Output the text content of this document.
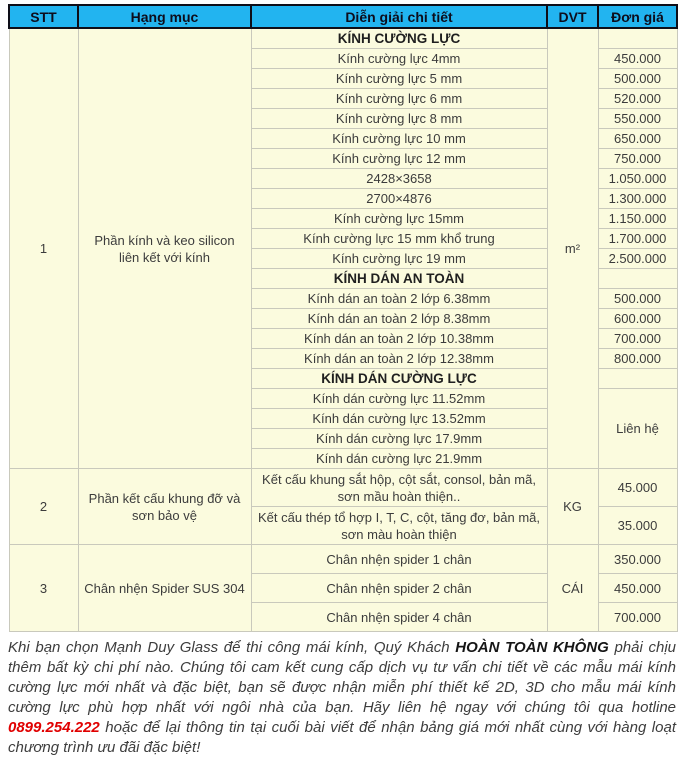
STT	Hạng mục	Diễn giải chi tiết	DVT	Đơn giá
1	Phần kính và keo silicon liên kết với kính	KÍNH CƯỜNG LỰC	m²	
		Kính cường lực 4mm		450.000
		Kính cường lực 5 mm		500.000
		Kính cường lực 6 mm		520.000
		Kính cường lực 8 mm		550.000
		Kính cường lực 10 mm		650.000
		Kính cường lực 12 mm		750.000
		2428×3658		1.050.000
		2700×4876		1.300.000
		Kính cường lực 15mm		1.150.000
		Kính cường lực 15 mm khổ trung		1.700.000
		Kính cường lực 19 mm		2.500.000
		KÍNH DÁN AN TOÀN		
		Kính dán an toàn 2 lớp 6.38mm		500.000
		Kính dán an toàn 2 lớp 8.38mm		600.000
		Kính dán an toàn 2 lớp 10.38mm		700.000
		Kính dán an toàn 2 lớp 12.38mm		800.000
		KÍNH DÁN CƯỜNG LỰC		
		Kính dán cường lực 11.52mm		Liên hệ
		Kính dán cường lực 13.52mm		
		Kính dán cường lực 17.9mm		
		Kính dán cường lực 21.9mm		
2	Phần kết cấu khung đỡ và sơn bảo vệ	Kết cấu khung sắt hộp, cột sắt, consol, bản mã, sơn mầu hoàn thiện..	KG	45.000
		Kết cấu thép tổ hợp I, T, C, cột, tăng đơ, bản mã, sơn màu hoàn thiện		35.000
3	Chân nhện Spider SUS 304	Chân nhện spider 1 chân	CÁI	350.000
		Chân nhện spider 2 chân		450.000
		Chân nhện spider 4 chân		700.000

Khi bạn chọn Mạnh Duy Glass để thi công mái kính, Quý Khách HOÀN TOÀN KHÔNG phải chịu thêm bất kỳ chi phí nào. Chúng tôi cam kết cung cấp dịch vụ tư vấn chi tiết về các mẫu mái kính cường lực mới nhất và đặc biệt, bạn sẽ được nhận miễn phí thiết kế 2D, 3D cho mẫu mái kính cường lực phù hợp nhất với ngôi nhà của bạn. Hãy liên hệ ngay với chúng tôi qua hotline 0899.254.222 hoặc để lại thông tin tại cuối bài viết để nhận bảng giá mới nhất cùng với hàng loạt chương trình ưu đãi đặc biệt!
